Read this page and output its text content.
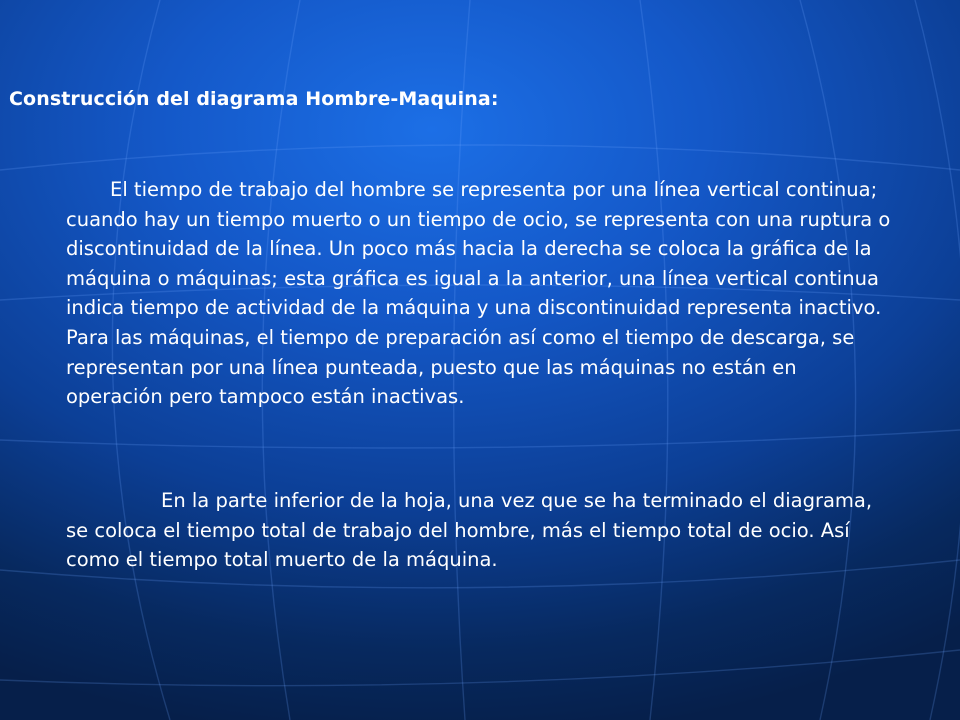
Construcción del diagrama Hombre-Maquina:

El tiempo de trabajo del hombre se representa por una línea vertical continua; cuando hay un tiempo muerto o un tiempo de ocio, se representa con una ruptura o discontinuidad de la línea. Un poco más hacia la derecha se coloca la gráfica de la máquina o máquinas; esta gráfica es igual a la anterior, una línea vertical continua indica tiempo de actividad de la máquina y una discontinuidad representa inactivo. Para las máquinas, el tiempo de preparación así como el tiempo de descarga, se representan por una línea punteada, puesto que las máquinas no están en operación pero tampoco están inactivas.

En la parte inferior de la hoja, una vez que se ha terminado el diagrama, se coloca el tiempo total de trabajo del hombre, más el tiempo total de ocio. Así como el tiempo total muerto de la máquina.
